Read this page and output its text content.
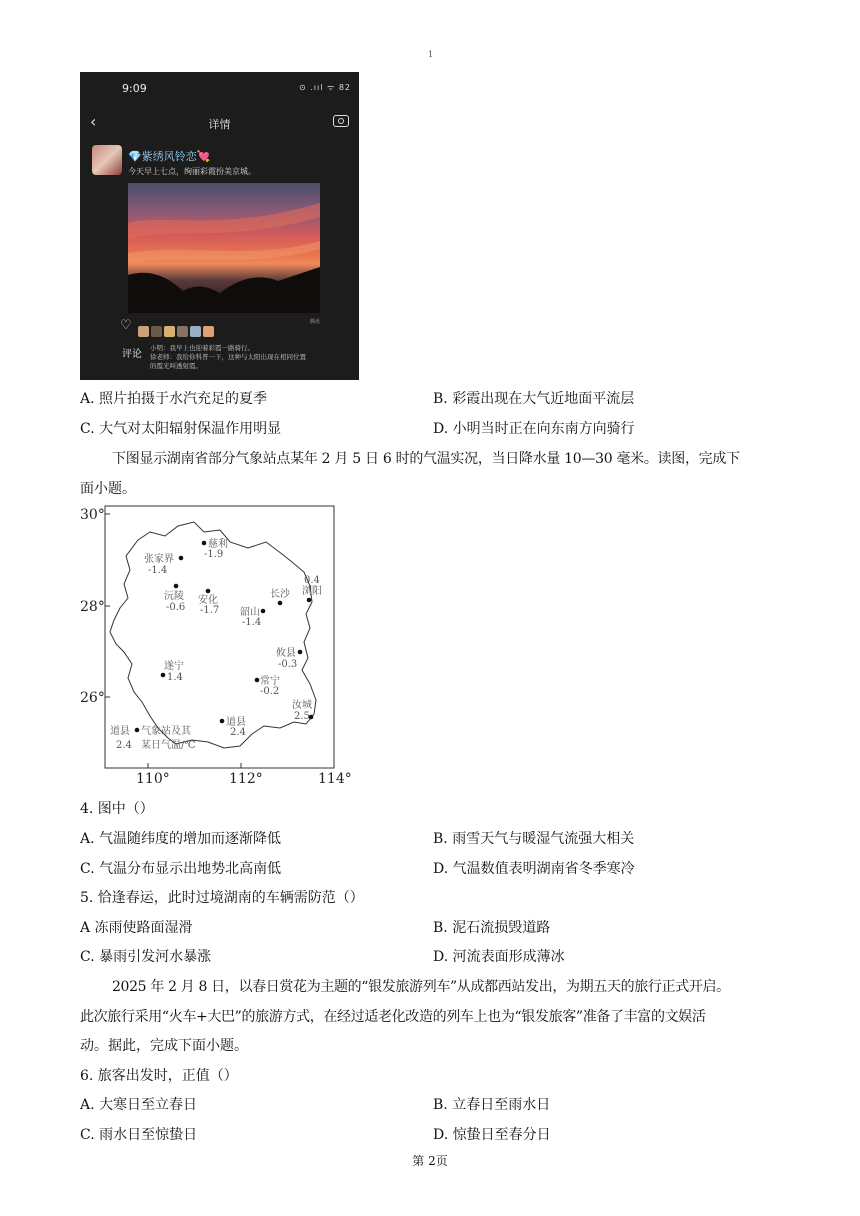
1
9:09	⊙ .ııl ᯤ 82
‹	详情
💎紫绣风铃恋💘
今天早上七点，绚丽彩霞扮美京城。
腾讯
♡
评论
小明：我早上也迎着彩霞一路骑行。
徐老师：我给你科普一下，这种与太阳出现在相同位置
的霞光叫透射霞。
A. 照片拍摄于水汽充足的夏季	B. 彩霞出现在大气近地面平流层
C. 大气对太阳辐射保温作用明显	D. 小明当时正在向东南方向骑行
下图显示湖南省部分气象站点某年 2 月 5 日 6 时的气温实况，当日降水量 10—30 毫米。读图，完成下
面小题。
30°
28°
26°
110°	112°	114°
慈利
-1.9
张家界
-1.4
沅陵
-0.6
安化
-1.7
长沙 浏阳
0.4
韶山
-1.4
攸县
-0.3
遂宁
1.4	常宁
-0.2
汝城
2.5
道县
2.4
道县 气象站及其
2.4 某日气温/℃
4. 图中（）
A. 气温随纬度的增加而逐渐降低	B. 雨雪天气与暖湿气流强大相关
C. 气温分布显示出地势北高南低	D. 气温数值表明湖南省冬季寒冷
5. 恰逢春运，此时过境湖南的车辆需防范（）
A 冻雨使路面湿滑	B. 泥石流损毁道路
C. 暴雨引发河水暴涨	D. 河流表面形成薄冰
2025 年 2 月 8 日，以春日赏花为主题的“银发旅游列车”从成都西站发出，为期五天的旅行正式开启。
此次旅行采用“火车+大巴”的旅游方式，在经过适老化改造的列车上也为“银发旅客”准备了丰富的文娱活
动。据此，完成下面小题。
6. 旅客出发时，正值（）
A. 大寒日至立春日	B. 立春日至雨水日
C. 雨水日至惊蛰日	D. 惊蛰日至春分日
第 2页
